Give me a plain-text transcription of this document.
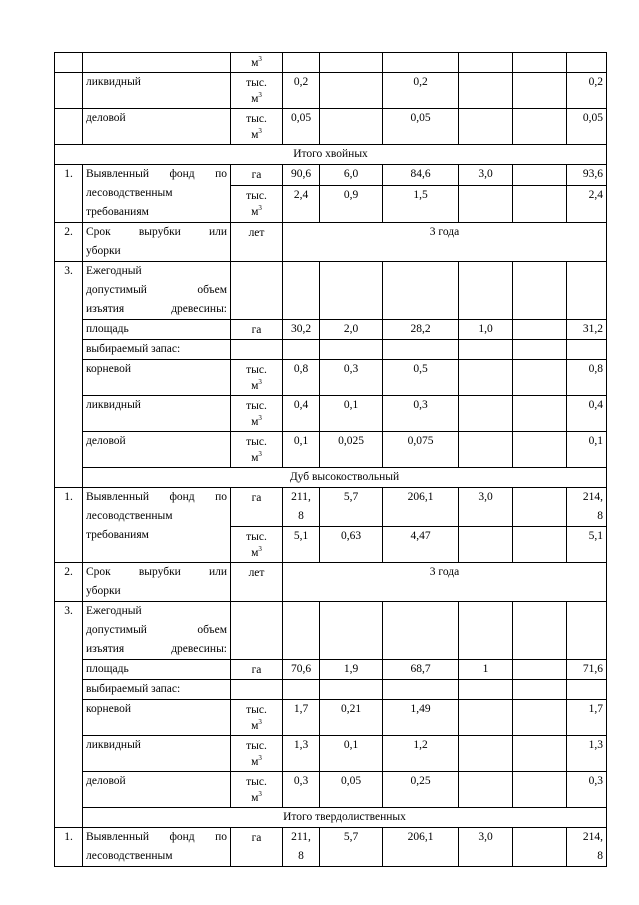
		$м^3$						
	ликвидный	тыс.
$м^3$	0,2		0,2			0,2
	деловой	тыс.
$м^3$	0,05		0,05			0,05
Итого хвойных								
1.	Выявленный фонд по
лесоводственным
требованиям	га	90,6	6,0	84,6	3,0		93,6
		тыс.
$м^3$	2,4	0,9	1,5			2,4
2.	Срок вырубки или
уборки	лет	3 года					
3.	Ежегодный
допустимый объем
изъятия древесины:							
	площадь	га	30,2	2,0	28,2	1,0		31,2
	выбираемый запас:							
	корневой	тыс.
$м^3$	0,8	0,3	0,5			0,8
	ликвидный	тыс.
$м^3$	0,4	0,1	0,3			0,4
	деловой	тыс.
$м^3$	0,1	0,025	0,075			0,1
	Дуб высокоствольный							
1.	Выявленный фонд по
лесоводственным
требованиям	га	211,
8	5,7	206,1	3,0		214,
8
		тыс.
$м^3$	5,1	0,63	4,47			5,1
2.	Срок вырубки или
уборки	лет	3 года					
3.	Ежегодный
допустимый объем
изъятия древесины:							
	площадь	га	70,6	1,9	68,7	1		71,6
	выбираемый запас:							
	корневой	тыс.
$м^3$	1,7	0,21	1,49			1,7
	ликвидный	тыс.
$м^3$	1,3	0,1	1,2			1,3
	деловой	тыс.
$м^3$	0,3	0,05	0,25			0,3
	Итого твердолиственных							
1.	Выявленный фонд по
лесоводственным	га	211,
8	5,7	206,1	3,0		214,
8
